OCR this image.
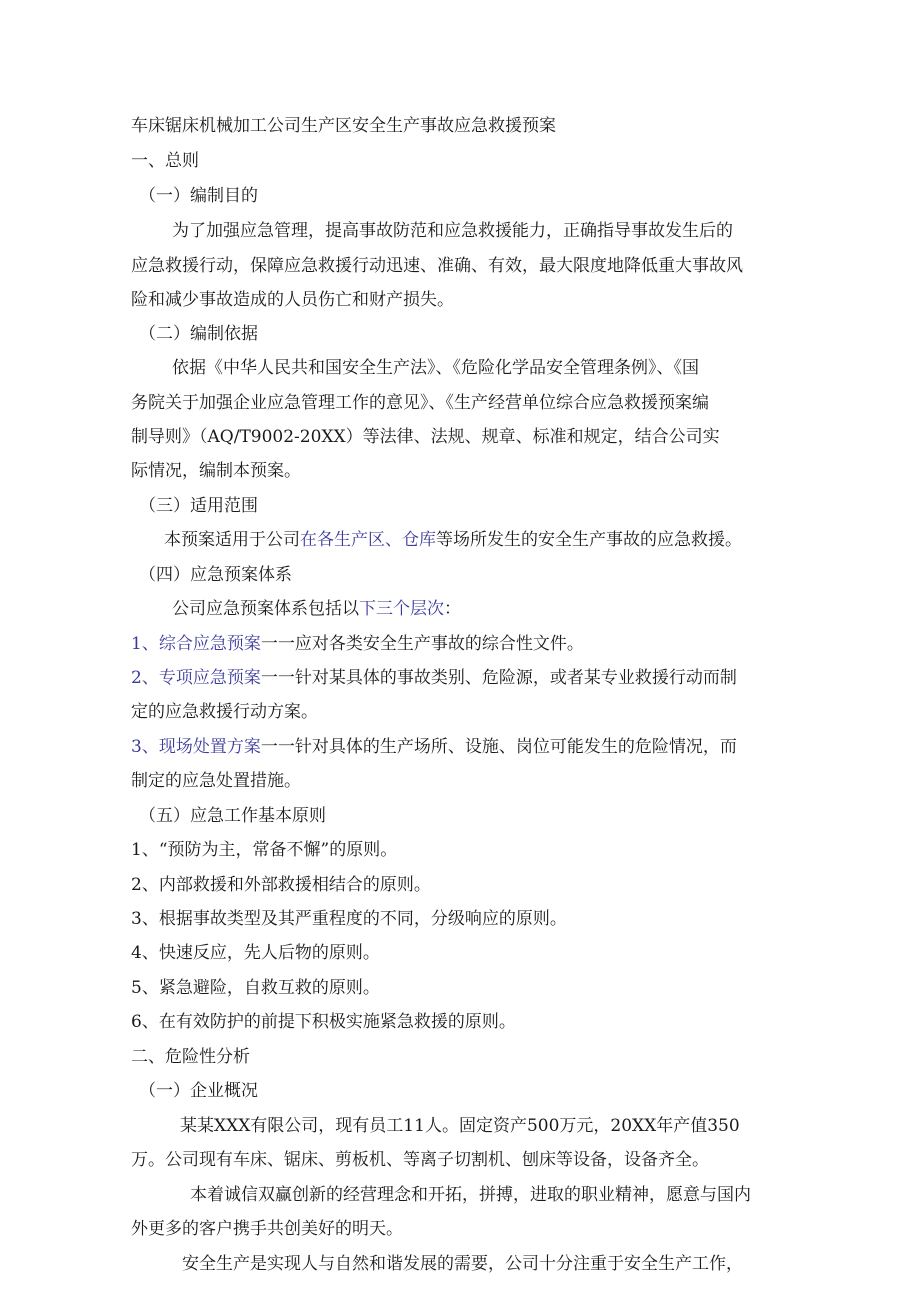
车床锯床机械加工公司生产区安全生产事故应急救援预案
一、总则
（一）编制目的
为了加强应急管理，提高事故防范和应急救援能力，正确指导事故发生后的
应急救援行动，保障应急救援行动迅速、准确、有效，最大限度地降低重大事故风
险和减少事故造成的人员伤亡和财产损失。
（二）编制依据
依据《中华人民共和国安全生产法》、《危险化学品安全管理条例》、《国
务院关于加强企业应急管理工作的意见》、《生产经营单位综合应急救援预案编
制导则》（AQ/T9002-20XX）等法律、法规、规章、标准和规定，结合公司实
际情况，编制本预案。
（三）适用范围
本预案适用于公司在各生产区、仓库等场所发生的安全生产事故的应急救援。
（四）应急预案体系
公司应急预案体系包括以下三个层次：
1、综合应急预案一一应对各类安全生产事故的综合性文件。
2、专项应急预案一一针对某具体的事故类别、危险源，或者某专业救援行动而制
定的应急救援行动方案。
3、现场处置方案一一针对具体的生产场所、设施、岗位可能发生的危险情况，而
制定的应急处置措施。
（五）应急工作基本原则
1、“预防为主，常备不懈”的原则。
2、内部救援和外部救援相结合的原则。
3、根据事故类型及其严重程度的不同，分级响应的原则。
4、快速反应，先人后物的原则。
5、紧急避险，自救互救的原则。
6、在有效防护的前提下积极实施紧急救援的原则。
二、危险性分析
（一）企业概况
某某XXX有限公司，现有员工11人。固定资产500万元，20XX年产值350
万。公司现有车床、锯床、剪板机、等离子切割机、刨床等设备，设备齐全。
本着诚信双赢创新的经营理念和开拓，拼搏，进取的职业精神，愿意与国内
外更多的客户携手共创美好的明天。
安全生产是实现人与自然和谐发展的需要，公司十分注重于安全生产工作，
